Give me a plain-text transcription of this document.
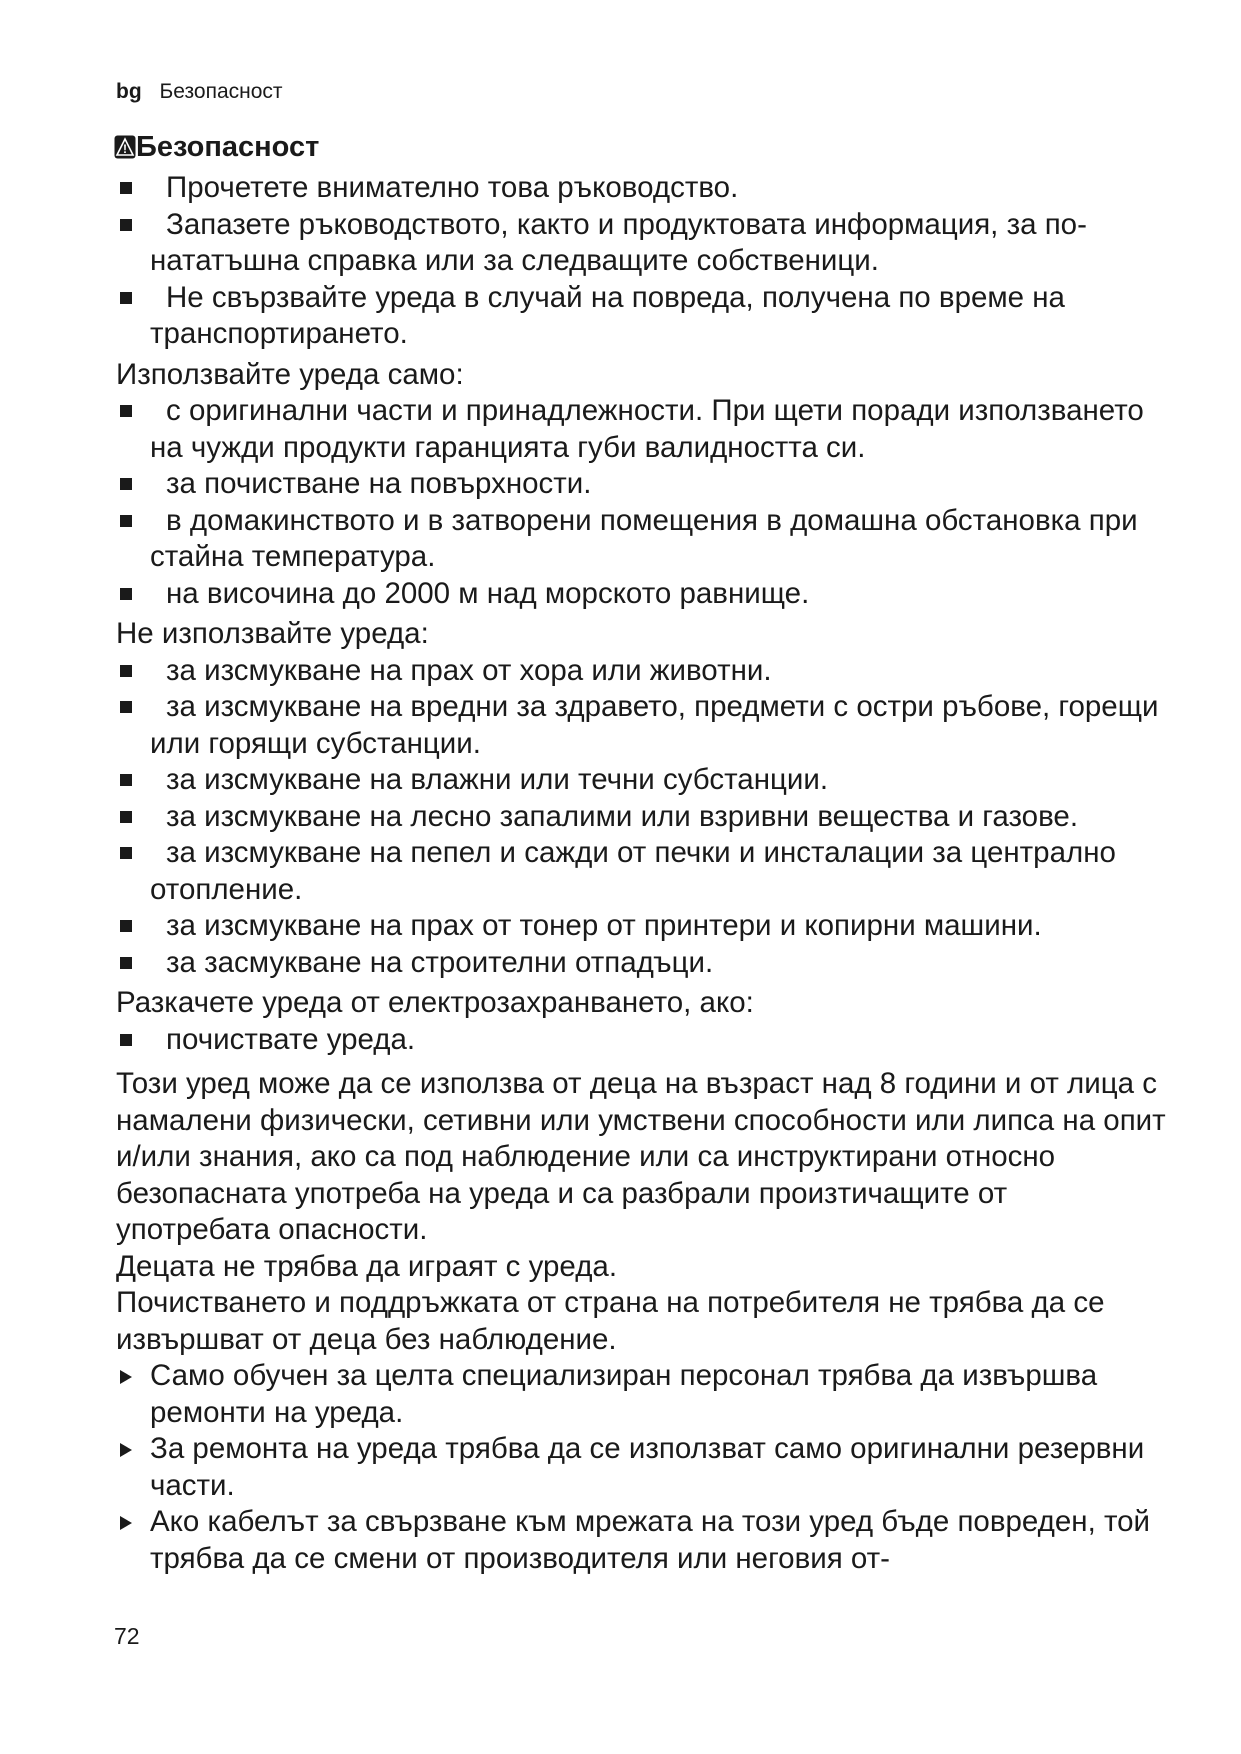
bg Безопасност
! Безопасност
Прочетете внимателно това ръководство.
Запазете ръководството, както и продуктовата информация, за по-нататъшна справка или за следващите собственици.
Не свързвайте уреда в случай на повреда, получена по време на транспортирането.
Използвайте уреда само:
с оригинални части и принадлежности. При щети поради използването на чужди продукти гаранцията губи валидността си.
за почистване на повърхности.
в домакинството и в затворени помещения в домашна обстановка при стайна температура.
на височина до 2000 м над морското равнище.
Не използвайте уреда:
за изсмукване на прах от хора или животни.
за изсмукване на вредни за здравето, предмети с остри ръбове, горещи или горящи субстанции.
за изсмукване на влажни или течни субстанции.
за изсмукване на лесно запалими или взривни вещества и газове.
за изсмукване на пепел и сажди от печки и инсталации за централно отопление.
за изсмукване на прах от тонер от принтери и копирни машини.
за засмукване на строителни отпадъци.
Разкачете уреда от електрозахранването, ако:
почиствате уреда.
Този уред може да се използва от деца на възраст над 8 години и от лица с намалени физически, сетивни или умствени способности или липса на опит и/или знания, ако са под наблюдение или са инструктирани относно безопасната употреба на уреда и са разбрали произтичащите от употребата опасности.
Децата не трябва да играят с уреда.
Почистването и поддръжката от страна на потребителя не трябва да се извършват от деца без наблюдение.
Само обучен за целта специализиран персонал трябва да извършва ремонти на уреда.
За ремонта на уреда трябва да се използват само оригинални резервни части.
Ако кабелът за свързване към мрежата на този уред бъде повреден, той трябва да се смени от производителя или неговия от-
72
